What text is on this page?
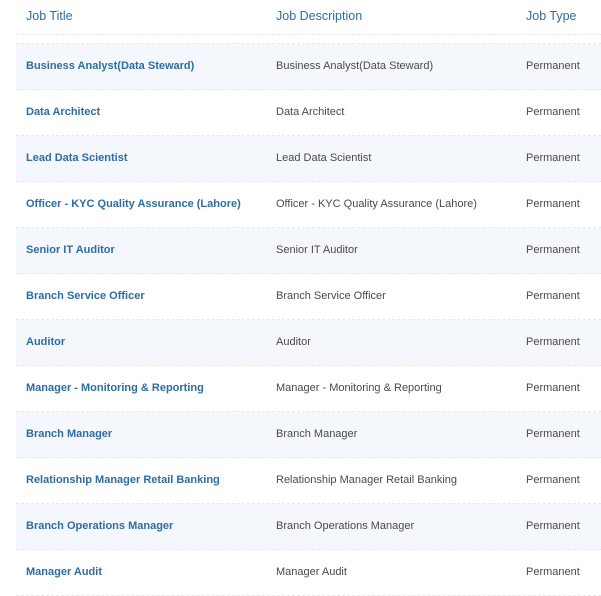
Job Title	Job Description	Job Type
Business Analyst(Data Steward)	Business Analyst(Data Steward)	Permanent
Data Architect	Data Architect	Permanent
Lead Data Scientist	Lead Data Scientist	Permanent
Officer - KYC Quality Assurance (Lahore)	Officer - KYC Quality Assurance (Lahore)	Permanent
Senior IT Auditor	Senior IT Auditor	Permanent
Branch Service Officer	Branch Service Officer	Permanent
Auditor	Auditor	Permanent
Manager - Monitoring & Reporting	Manager - Monitoring & Reporting	Permanent
Branch Manager	Branch Manager	Permanent
Relationship Manager Retail Banking	Relationship Manager Retail Banking	Permanent
Branch Operations Manager	Branch Operations Manager	Permanent
Manager Audit	Manager Audit	Permanent
